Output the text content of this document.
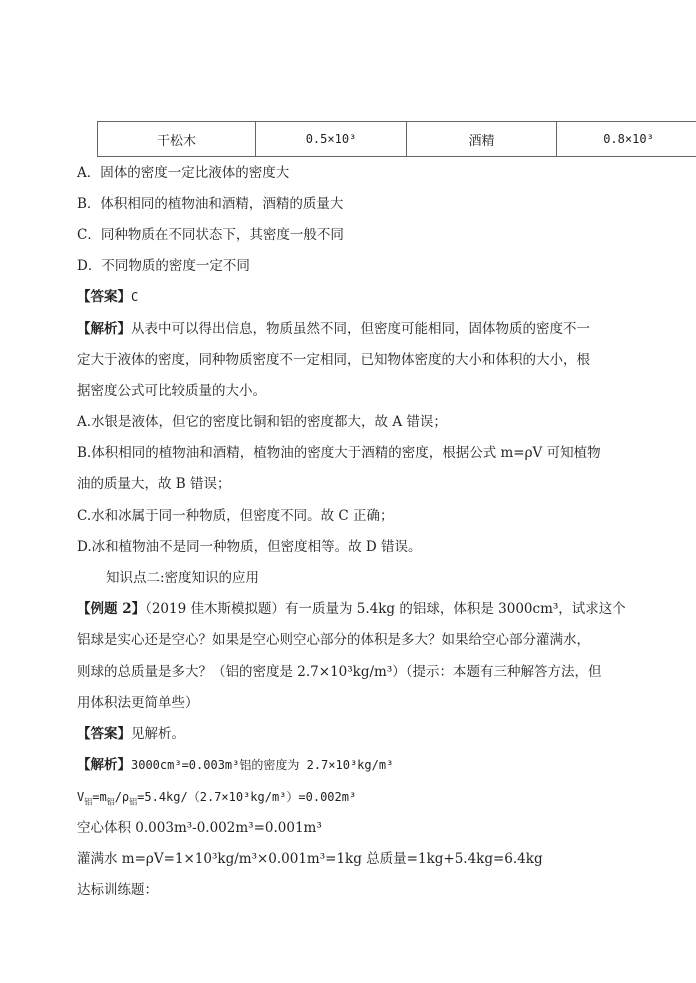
干松木	0.5×10³	酒精	0.8×10³
A．固体的密度一定比液体的密度大
B．体积相同的植物油和酒精，酒精的质量大
C．同种物质在不同状态下，其密度一般不同
D．不同物质的密度一定不同
【答案】C
【解析】从表中可以得出信息，物质虽然不同，但密度可能相同，固体物质的密度不一
定大于液体的密度，同种物质密度不一定相同，已知物体密度的大小和体积的大小，根
据密度公式可比较质量的大小。
A.水银是液体，但它的密度比铜和铝的密度都大，故 A 错误；
B.体积相同的植物油和酒精，植物油的密度大于酒精的密度，根据公式 m=ρV 可知植物
油的质量大，故 B 错误；
C.水和冰属于同一种物质，但密度不同。故 C 正确；
D.冰和植物油不是同一种物质，但密度相等。故 D 错误。
知识点二:密度知识的应用
【例题 2】（2019 佳木斯模拟题）有一质量为 5.4kg 的铝球，体积是 3000cm³，试求这个
铝球是实心还是空心？如果是空心则空心部分的体积是多大？如果给空心部分灌满水，
则球的总质量是多大？（铝的密度是 2.7×10³kg/m³）（提示：本题有三种解答方法，但
用体积法更简单些）
【答案】见解析。
【解析】3000cm³=0.003m³铝的密度为 2.7×10³kg/m³
$V_铝=m_铝/\rho_铝=5.4kg/(2.7\times 10^3kg/m^3)=0.002m^3$
空心体积 0.003m³-0.002m³=0.001m³
灌满水 m=ρV=1×10³kg/m³×0.001m³=1kg 总质量=1kg+5.4kg=6.4kg
达标训练题：
